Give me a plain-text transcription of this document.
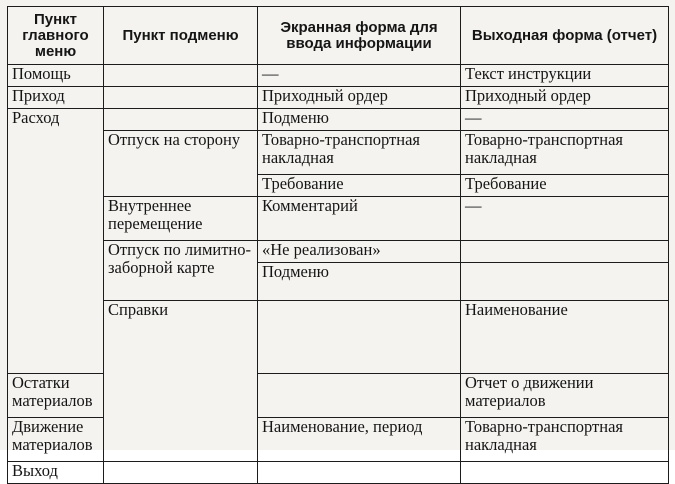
Пункт главного меню	Пункт подменю	Экранная форма для ввода информации	Выходная форма (отчет)	
Помощь		—	Текст инструкции	
Приход		Приходный ордер	Приходный ордер	
Расход		Подменю	—	
	Отпуск на сторону	Товарно-транспортная накладная	Товарно-транспортная накладная	
		Требование	Требование	
	Внутреннее перемещение	Комментарий	—	
	Отпуск по лимитно-заборной карте	«Не реализован»		
		Подменю		
	Справки		Наименование	
Остатки материалов			Отчет о движении материалов	
Движение материалов		Наименование, период	Товарно-транспортная накладная	
Выход				
